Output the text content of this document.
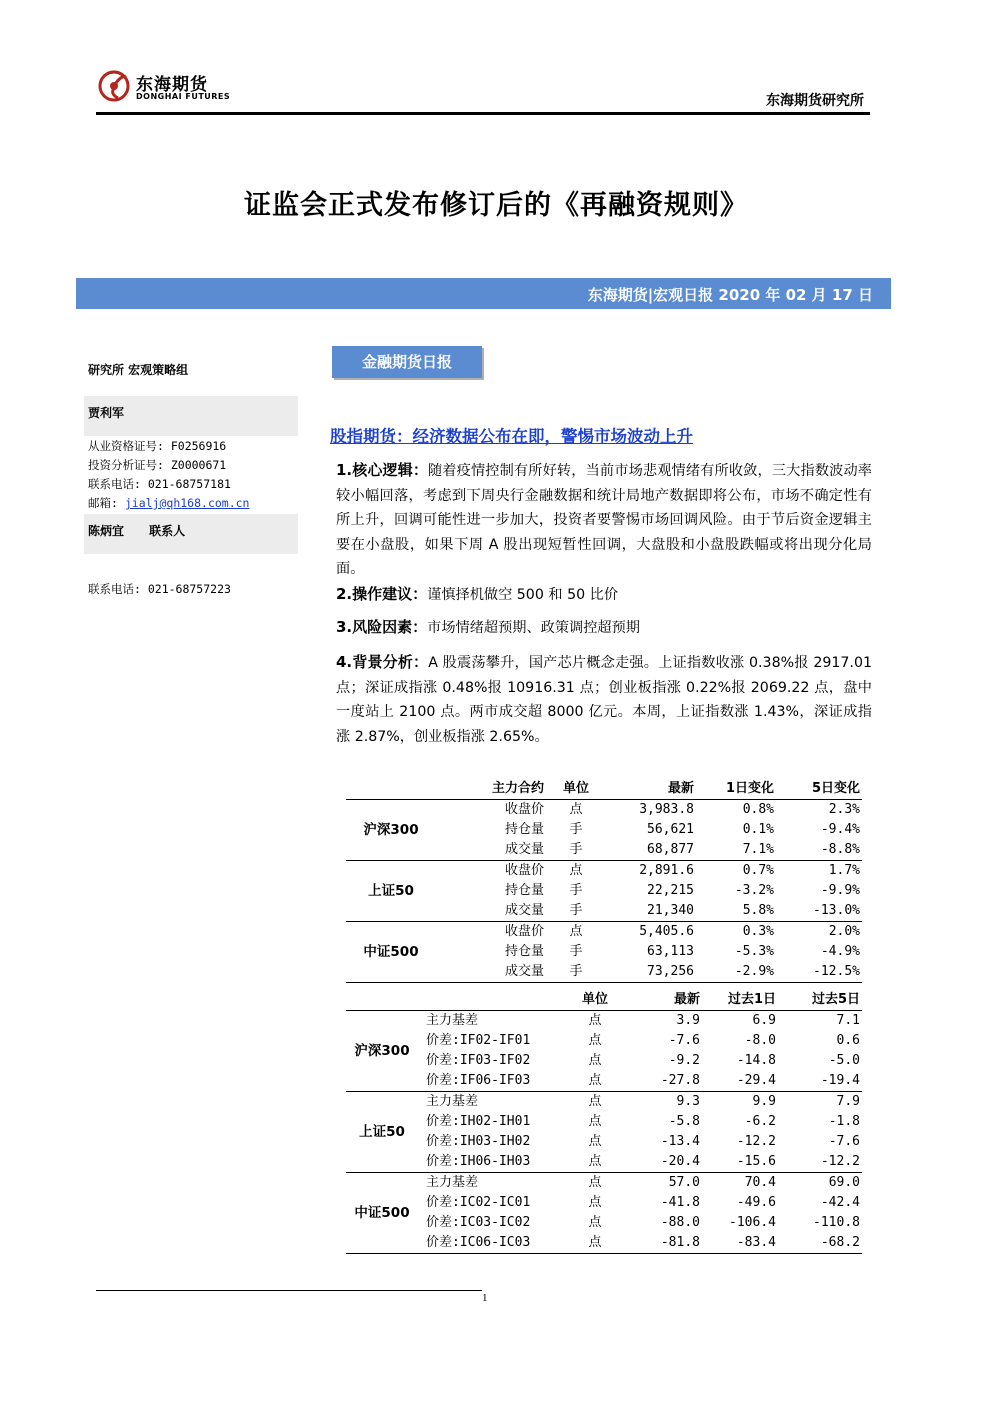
东海期货
DONGHAI FUTURES	东海期货研究所
证监会正式发布修订后的《再融资规则》
东海期货|宏观日报 2020 年 02 月 17 日
研究所 宏观策略组
贾利军
从业资格证号: F0256916
投资分析证号: Z0000671
联系电话: 021-68757181
邮箱: jialj@qh168.com.cn
陈炳宜      联系人
联系电话: 021-68757223
金融期货日报
股指期货：经济数据公布在即，警惕市场波动上升
1.核心逻辑：随着疫情控制有所好转，当前市场悲观情绪有所收敛，三大指数波动率较小幅回落，考虑到下周央行金融数据和统计局地产数据即将公布，市场不确定性有所上升，回调可能性进一步加大，投资者要警惕市场回调风险。由于节后资金逻辑主要在小盘股，如果下周 A 股出现短暂性回调，大盘股和小盘股跌幅或将出现分化局面。
2.操作建议：谨慎择机做空 500 和 50 比价
3.风险因素：市场情绪超预期、政策调控超预期
4.背景分析：A 股震荡攀升，国产芯片概念走强。上证指数收涨 0.38%报 2917.01 点；深证成指涨 0.48%报 10916.31 点；创业板指涨 0.22%报 2069.22 点，盘中一度站上 2100 点。两市成交超 8000 亿元。本周，上证指数涨 1.43%，深证成指涨 2.87%，创业板指涨 2.65%。
	主力合约	单位	最新	1日变化	5日变化
沪深300	收盘价	点	3,983.8	0.8%	2.3%
	持仓量	手	56,621	0.1%	-9.4%
	成交量	手	68,877	7.1%	-8.8%
上证50	收盘价	点	2,891.6	0.7%	1.7%
	持仓量	手	22,215	-3.2%	-9.9%
	成交量	手	21,340	5.8%	-13.0%
中证500	收盘价	点	5,405.6	0.3%	2.0%
	持仓量	手	63,113	-5.3%	-4.9%
	成交量	手	73,256	-2.9%	-12.5%
		单位	最新	过去1日	过去5日
沪深300	主力基差	点	3.9	6.9	7.1
	价差:IF02-IF01	点	-7.6	-8.0	0.6
	价差:IF03-IF02	点	-9.2	-14.8	-5.0
	价差:IF06-IF03	点	-27.8	-29.4	-19.4
上证50	主力基差	点	9.3	9.9	7.9
	价差:IH02-IH01	点	-5.8	-6.2	-1.8
	价差:IH03-IH02	点	-13.4	-12.2	-7.6
	价差:IH06-IH03	点	-20.4	-15.6	-12.2
中证500	主力基差	点	57.0	70.4	69.0
	价差:IC02-IC01	点	-41.8	-49.6	-42.4
	价差:IC03-IC02	点	-88.0	-106.4	-110.8
	价差:IC06-IC03	点	-81.8	-83.4	-68.2
1
